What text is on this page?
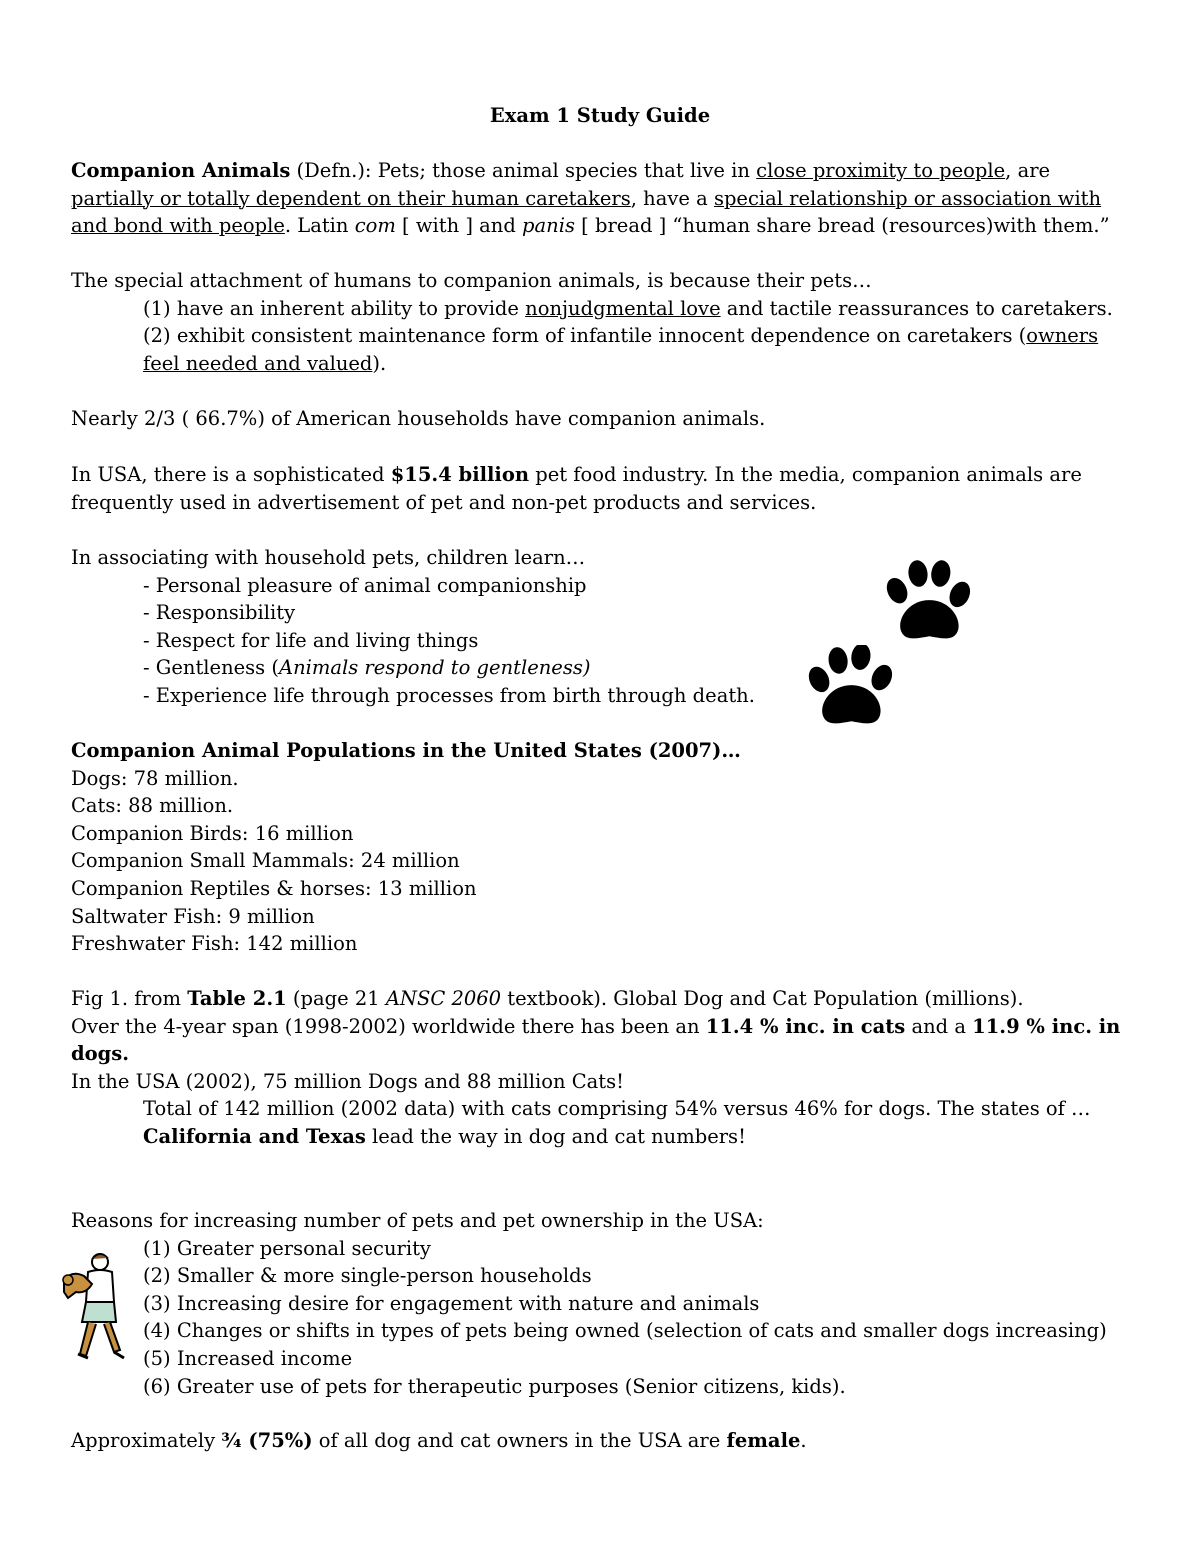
Exam 1 Study Guide
Companion Animals (Defn.): Pets; those animal species that live in close proximity to people, are
partially or totally dependent on their human caretakers, have a special relationship or association with
and bond with people. Latin com [ with ] and panis [ bread ] “human share bread (resources)with them.”
The special attachment of humans to companion animals, is because their pets…
(1) have an inherent ability to provide nonjudgmental love and tactile reassurances to caretakers.
(2) exhibit consistent maintenance form of infantile innocent dependence on caretakers (owners
feel needed and valued).
Nearly 2/3 ( 66.7%) of American households have companion animals.
In USA, there is a sophisticated $15.4 billion pet food industry. In the media, companion animals are
frequently used in advertisement of pet and non-pet products and services.
In associating with household pets, children learn…
- Personal pleasure of animal companionship
- Responsibility
- Respect for life and living things
- Gentleness (Animals respond to gentleness)
- Experience life through processes from birth through death.
Companion Animal Populations in the United States (2007)…
Dogs: 78 million.
Cats: 88 million.
Companion Birds: 16 million
Companion Small Mammals: 24 million
Companion Reptiles & horses: 13 million
Saltwater Fish: 9 million
Freshwater Fish: 142 million
Fig 1. from Table 2.1 (page 21 ANSC 2060 textbook). Global Dog and Cat Population (millions).
Over the 4-year span (1998-2002) worldwide there has been an 11.4 % inc. in cats and a 11.9 % inc. in
dogs.
In the USA (2002), 75 million Dogs and 88 million Cats!
Total of 142 million (2002 data) with cats comprising 54% versus 46% for dogs. The states of …
California and Texas lead the way in dog and cat numbers!
Reasons for increasing number of pets and pet ownership in the USA:
(1) Greater personal security
(2) Smaller & more single-person households
(3) Increasing desire for engagement with nature and animals
(4) Changes or shifts in types of pets being owned (selection of cats and smaller dogs increasing)
(5) Increased income
(6) Greater use of pets for therapeutic purposes (Senior citizens, kids).
Approximately ¾ (75%) of all dog and cat owners in the USA are female.
